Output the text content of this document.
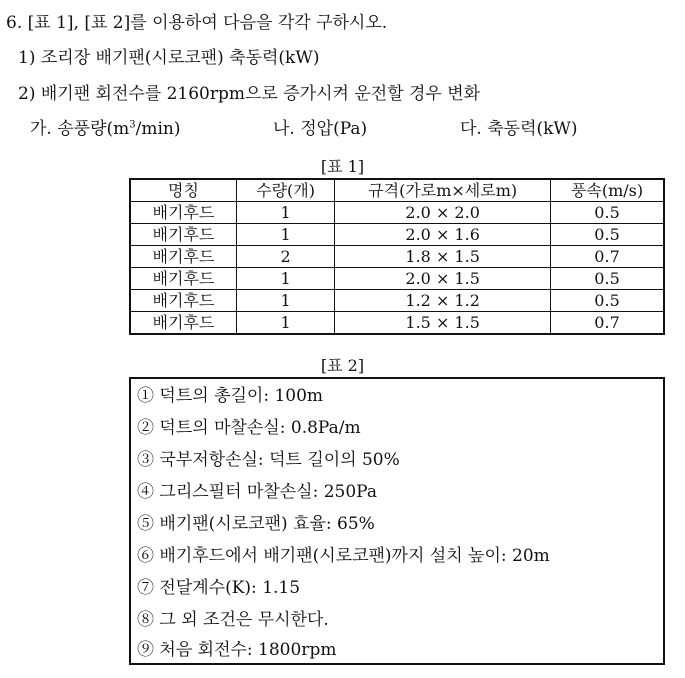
6. [표 1], [표 2]를 이용하여 다음을 각각 구하시오.
1) 조리장 배기팬(시로코팬) 축동력(kW)
2) 배기팬 회전수를 2160rpm으로 증가시켜 운전할 경우 변화
가. 송풍량$(m^3/\min)$	나. 정압(Pa)	다. 축동력(kW)
[표 1]
명칭	수량(개)	규격(가로m×세로m)	풍속(m/s)
배기후드	1	2.0 × 2.0	0.5
배기후드	1	2.0 × 1.6	0.5
배기후드	2	1.8 × 1.5	0.7
배기후드	1	2.0 × 1.5	0.5
배기후드	1	1.2 × 1.2	0.5
배기후드	1	1.5 × 1.5	0.7
[표 2]
① 덕트의 총길이: 100m
② 덕트의 마찰손실: 0.8Pa/m
③ 국부저항손실: 덕트 길이의 50%
④ 그리스필터 마찰손실: 250Pa
⑤ 배기팬(시로코팬) 효율: 65%
⑥ 배기후드에서 배기팬(시로코팬)까지 설치 높이: 20m
⑦ 전달계수(K): 1.15
⑧ 그 외 조건은 무시한다.
⑨ 처음 회전수: 1800rpm
